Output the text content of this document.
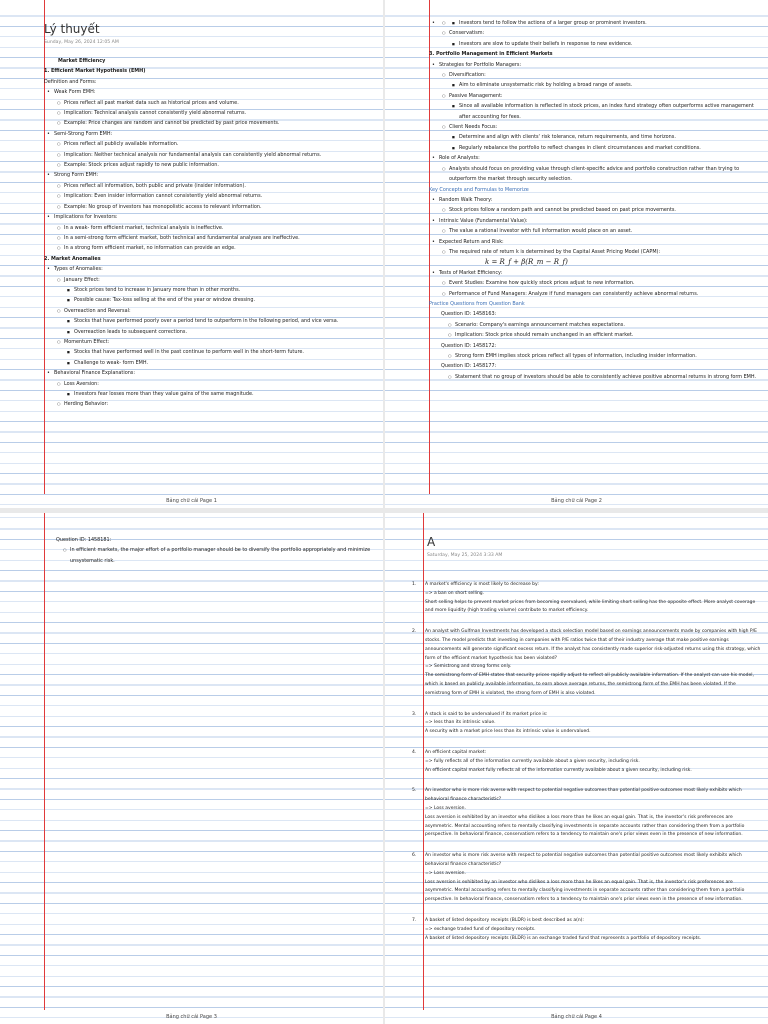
Lý thuyết
Sunday, May 26, 2024 12:05 AM
Market Efficiency
1. Efficient Market Hypothesis (EMH)
Definition and Forms:
• Weak Form EMH:
○ Prices reflect all past market data such as historical prices and volume.
○ Implication: Technical analysis cannot consistently yield abnormal returns.
○ Example: Price changes are random and cannot be predicted by past price movements.
• Semi-Strong Form EMH:
○ Prices reflect all publicly available information.
○ Implication: Neither technical analysis nor fundamental analysis can consistently yield abnormal returns.
○ Example: Stock prices adjust rapidly to new public information.
• Strong Form EMH:
○ Prices reflect all information, both public and private (insider information).
○ Implication: Even insider information cannot consistently yield abnormal returns.
○ Example: No group of investors has monopolistic access to relevant information.
• Implications for Investors:
○ In a weak- form efficient market, technical analysis is ineffective.
○ In a semi-strong form efficient market, both technical and fundamental analyses are ineffective.
○ In a strong form efficient market, no information can provide an edge.
2. Market Anomalies
• Types of Anomalies:
○ January Effect:
■ Stock prices tend to increase in January more than in other months.
■ Possible cause: Tax-loss selling at the end of the year or window dressing.
○ Overreaction and Reversal:
■ Stocks that have performed poorly over a period tend to outperform in the following period, and vice versa.
■ Overreaction leads to subsequent corrections.
○ Momentum Effect:
■ Stocks that have performed well in the past continue to perform well in the short-term future.
■ Challenge to weak- form EMH.
• Behavioral Finance Explanations:
○ Loss Aversion:
■ Investors fear losses more than they value gains of the same magnitude.
○ Herding Behavior:
Bảng chữ cái Page 1
■ ○ • Investors tend to follow the actions of a larger group or prominent investors.
○ Conservatism:
■ Investors are slow to update their beliefs in response to new evidence.
3. Portfolio Management in Efficient Markets
• Strategies for Portfolio Managers:
○ Diversification:
■ Aim to eliminate unsystematic risk by holding a broad range of assets.
○ Passive Management:
■ Since all available information is reflected in stock prices, an index fund strategy often outperforms active management after accounting for fees.
○ Client Needs Focus:
■ Determine and align with clients' risk tolerance, return requirements, and time horizons.
■ Regularly rebalance the portfolio to reflect changes in client circumstances and market conditions.
• Role of Analysts:
○ Analysts should focus on providing value through client-specific advice and portfolio construction rather than trying to outperform the market through security selection.
Key Concepts and Formulas to Memorize
• Random Walk Theory:
○ Stock prices follow a random path and cannot be predicted based on past price movements.
• Intrinsic Value (Fundamental Value):
○ The value a rational investor with full information would place on an asset.
• Expected Return and Risk:
○ The required rate of return k is determined by the Capital Asset Pricing Model (CAPM):
k = R_f + β(R_m − R_f)
• Tests of Market Efficiency:
○ Event Studies: Examine how quickly stock prices adjust to new information.
○ Performance of Fund Managers: Analyze if fund managers can consistently achieve abnormal returns.
Practice Questions from Question Bank
Question ID: 1458163:
○ Scenario: Company's earnings announcement matches expectations.
○ Implication: Stock price should remain unchanged in an efficient market.
Question ID: 1458172:
○ Strong form EMH implies stock prices reflect all types of information, including insider information.
Question ID: 1458177:
○ Statement that no group of investors should be able to consistently achieve positive abnormal returns in strong form EMH.
Bảng chữ cái Page 2
Question ID: 1458181:
○ In efficient markets, the major effort of a portfolio manager should be to diversify the portfolio appropriately and minimize unsystematic risk.
Bảng chữ cái Page 3
A
Saturday, May 25, 2024 3:33 AM
1. A market's efficiency is most likely to decrease by:
=> a ban on short selling.
Short selling helps to prevent market prices from becoming overvalued, while limiting short selling has the opposite effect. More analyst coverage and more liquidity (high trading volume) contribute to market efficiency.
2. An analyst with Gulfman Investments has developed a stock selection model based on earnings announcements made by companies with high P/E stocks. The model predicts that investing in companies with P/E ratios twice that of their industry average that make positive earnings announcements will generate significant excess return. If the analyst has consistently made superior risk-adjusted returns using this strategy, which form of the efficient market hypothesis has been violated?
=> Semistrong and strong forms only.
The semistrong form of EMH states that security prices rapidly adjust to reflect all publicly available information. If the analyst can use his model, which is based on publicly available information, to earn above average returns, the semistrong form of the EMH has been violated. If the semistrong form of EMH is violated, the strong form of EMH is also violated.
3. A stock is said to be undervalued if its market price is:
=> less than its intrinsic value.
A security with a market price less than its intrinsic value is undervalued.
4. An efficient capital market:
=> fully reflects all of the information currently available about a given security, including risk.
An efficient capital market fully reflects all of the information currently available about a given security, including risk.
5. An investor who is more risk averse with respect to potential negative outcomes than potential positive outcomes most likely exhibits which behavioral finance characteristic?
=> Loss aversion.
Loss aversion is exhibited by an investor who dislikes a loss more than he likes an equal gain. That is, the investor's risk preferences are asymmetric. Mental accounting refers to mentally classifying investments in separate accounts rather than considering them from a portfolio perspective. In behavioral finance, conservatism refers to a tendency to maintain one's prior views even in the presence of new information.
6. An investor who is more risk averse with respect to potential negative outcomes than potential positive outcomes most likely exhibits which behavioral finance characteristic?
=> Loss aversion.
Loss aversion is exhibited by an investor who dislikes a loss more than he likes an equal gain. That is, the investor's risk preferences are asymmetric. Mental accounting refers to mentally classifying investments in separate accounts rather than considering them from a portfolio perspective. In behavioral finance, conservatism refers to a tendency to maintain one's prior views even in the presence of new information.
7. A basket of listed depository receipts (BLDR) is best described as a(n):
=> exchange traded fund of depository receipts.
A basket of listed depository receipts (BLDR) is an exchange traded fund that represents a portfolio of depository receipts.
Bảng chữ cái Page 4
